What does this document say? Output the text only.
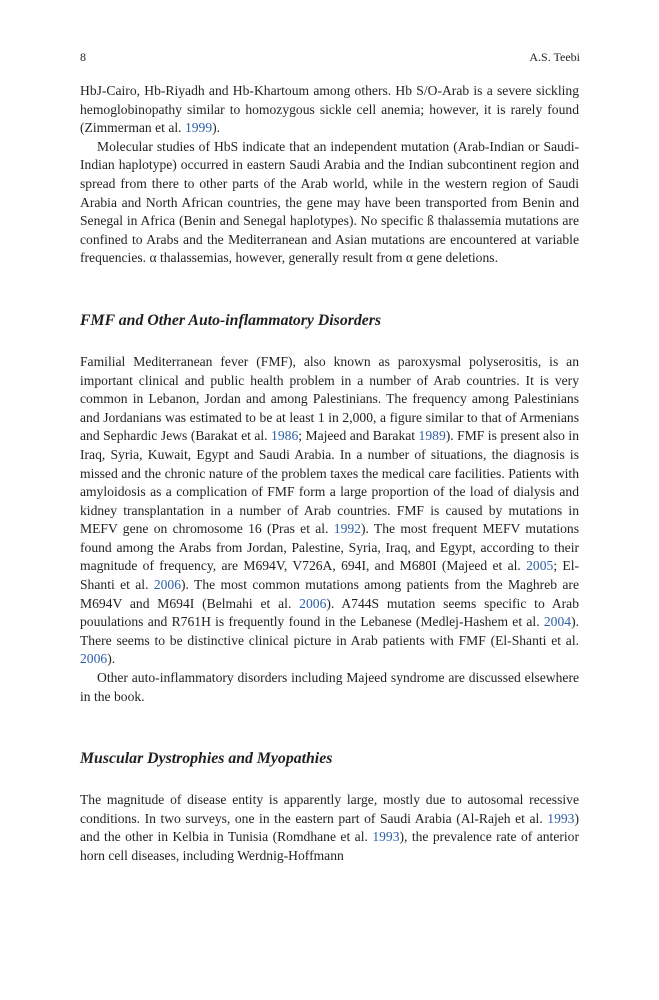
8	A.S. Teebi

HbJ-Cairo, Hb-Riyadh and Hb-Khartoum among others. Hb S/O-Arab is a severe sickling hemoglobinopathy similar to homozygous sickle cell anemia; however, it is rarely found (Zimmerman et al. 1999).

Molecular studies of HbS indicate that an independent mutation (Arab-Indian or Saudi-Indian haplotype) occurred in eastern Saudi Arabia and the Indian subcontinent region and spread from there to other parts of the Arab world, while in the western region of Saudi Arabia and North African countries, the gene may have been transported from Benin and Senegal in Africa (Benin and Senegal haplotypes). No specific ß thalassemia mutations are confined to Arabs and the Mediterranean and Asian mutations are encountered at variable frequencies. α thalassemias, however, generally result from α gene deletions.

FMF and Other Auto-inflammatory Disorders

Familial Mediterranean fever (FMF), also known as paroxysmal polyserositis, is an important clinical and public health problem in a number of Arab countries. It is very common in Lebanon, Jordan and among Palestinians. The frequency among Palestinians and Jordanians was estimated to be at least 1 in 2,000, a figure similar to that of Armenians and Sephardic Jews (Barakat et al. 1986; Majeed and Barakat 1989). FMF is present also in Iraq, Syria, Kuwait, Egypt and Saudi Arabia. In a number of situations, the diagnosis is missed and the chronic nature of the problem taxes the medical care facilities. Patients with amyloidosis as a complication of FMF form a large proportion of the load of dialysis and kidney transplantation in a number of Arab countries. FMF is caused by mutations in MEFV gene on chromosome 16 (Pras et al. 1992). The most frequent MEFV mutations found among the Arabs from Jordan, Palestine, Syria, Iraq, and Egypt, according to their magnitude of frequency, are M694V, V726A, 694I, and M680I (Majeed et al. 2005; El-Shanti et al. 2006). The most common mutations among patients from the Maghreb are M694V and M694I (Belmahi et al. 2006). A744S mutation seems specific to Arab pouulations and R761H is frequently found in the Lebanese (Medlej-Hashem et al. 2004). There seems to be distinctive clinical picture in Arab patients with FMF (El-Shanti et al. 2006).

Other auto-inflammatory disorders including Majeed syndrome are discussed elsewhere in the book.

Muscular Dystrophies and Myopathies

The magnitude of disease entity is apparently large, mostly due to autosomal recessive conditions. In two surveys, one in the eastern part of Saudi Arabia (Al-Rajeh et al. 1993) and the other in Kelbia in Tunisia (Romdhane et al. 1993), the prevalence rate of anterior horn cell diseases, including Werdnig-Hoffmann
